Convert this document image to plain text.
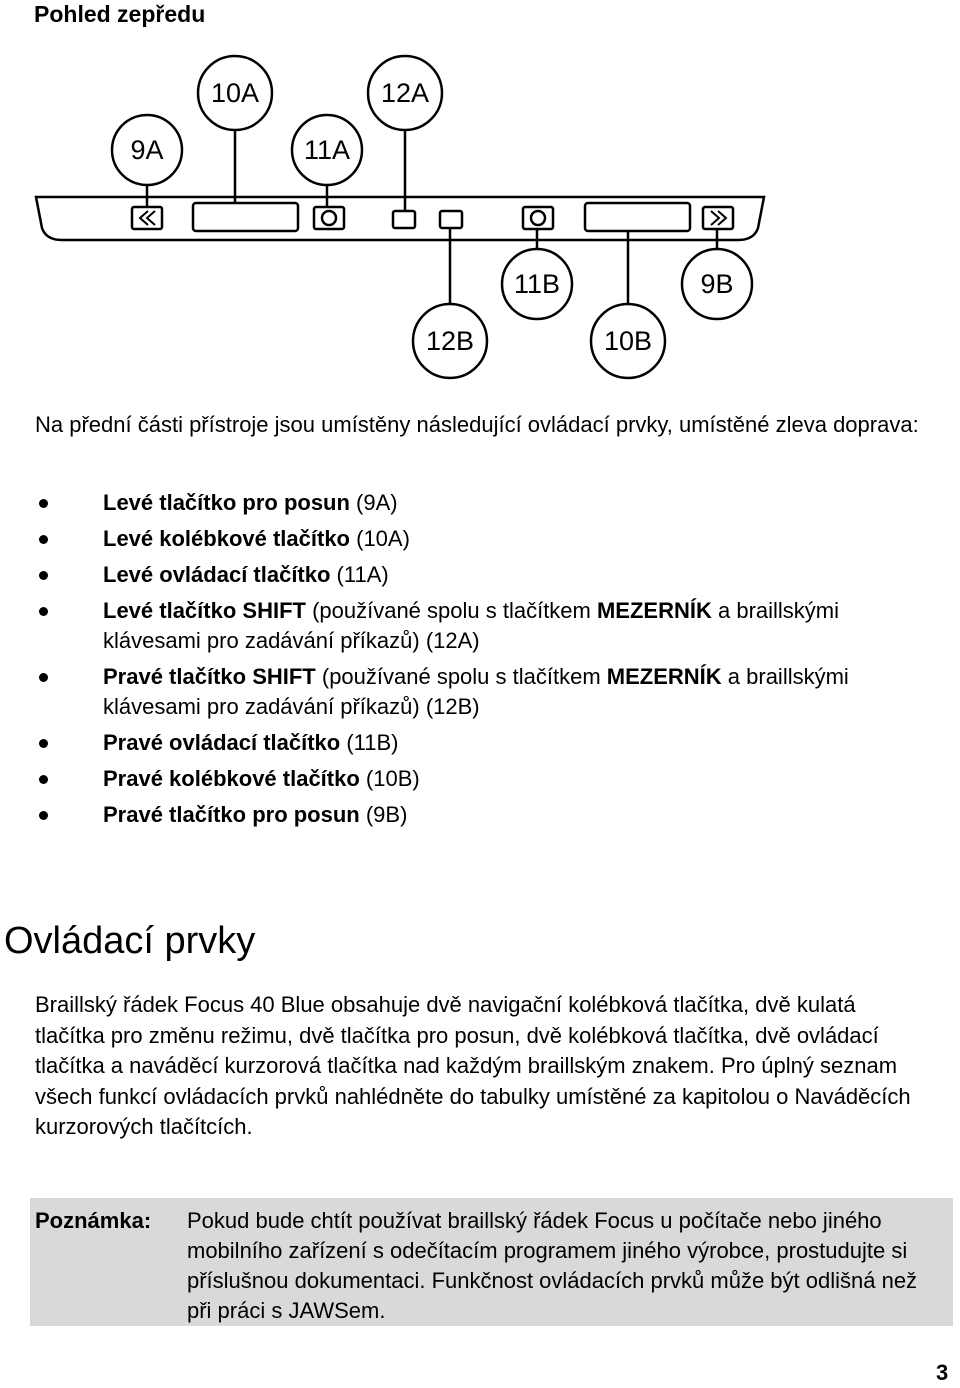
Pohled zepředu
9A
10A
11A
12A
11B	9B
12B	10B

Na přední části přístroje jsou umístěny následující ovládací prvky, umístěné zleva doprava:

Levé tlačítko pro posun (9A)
Levé kolébkové tlačítko (10A)
Levé ovládací tlačítko (11A)
Levé tlačítko SHIFT (používané spolu s tlačítkem MEZERNÍK a braillskými klávesami pro zadávání příkazů) (12A)
Pravé tlačítko SHIFT (používané spolu s tlačítkem MEZERNÍK a braillskými klávesami pro zadávání příkazů) (12B)
Pravé ovládací tlačítko (11B)
Pravé kolébkové tlačítko (10B)
Pravé tlačítko pro posun (9B)
Ovládací prvky

Braillský řádek Focus 40 Blue obsahuje dvě navigační kolébková tlačítka, dvě kulatá tlačítka pro změnu režimu, dvě tlačítka pro posun, dvě kolébková tlačítka, dvě ovládací tlačítka a naváděcí kurzorová tlačítka nad každým braillským znakem. Pro úplný seznam všech funkcí ovládacích prvků nahlédněte do tabulky umístěné za kapitolou o Naváděcích kurzorových tlačítcích.

Poznámka: Pokud bude chtít používat braillský řádek Focus u počítače nebo jiného mobilního zařízení s odečítacím programem jiného výrobce, prostudujte si příslušnou dokumentaci. Funkčnost ovládacích prvků může být odlišná než při práci s JAWSem.

3
